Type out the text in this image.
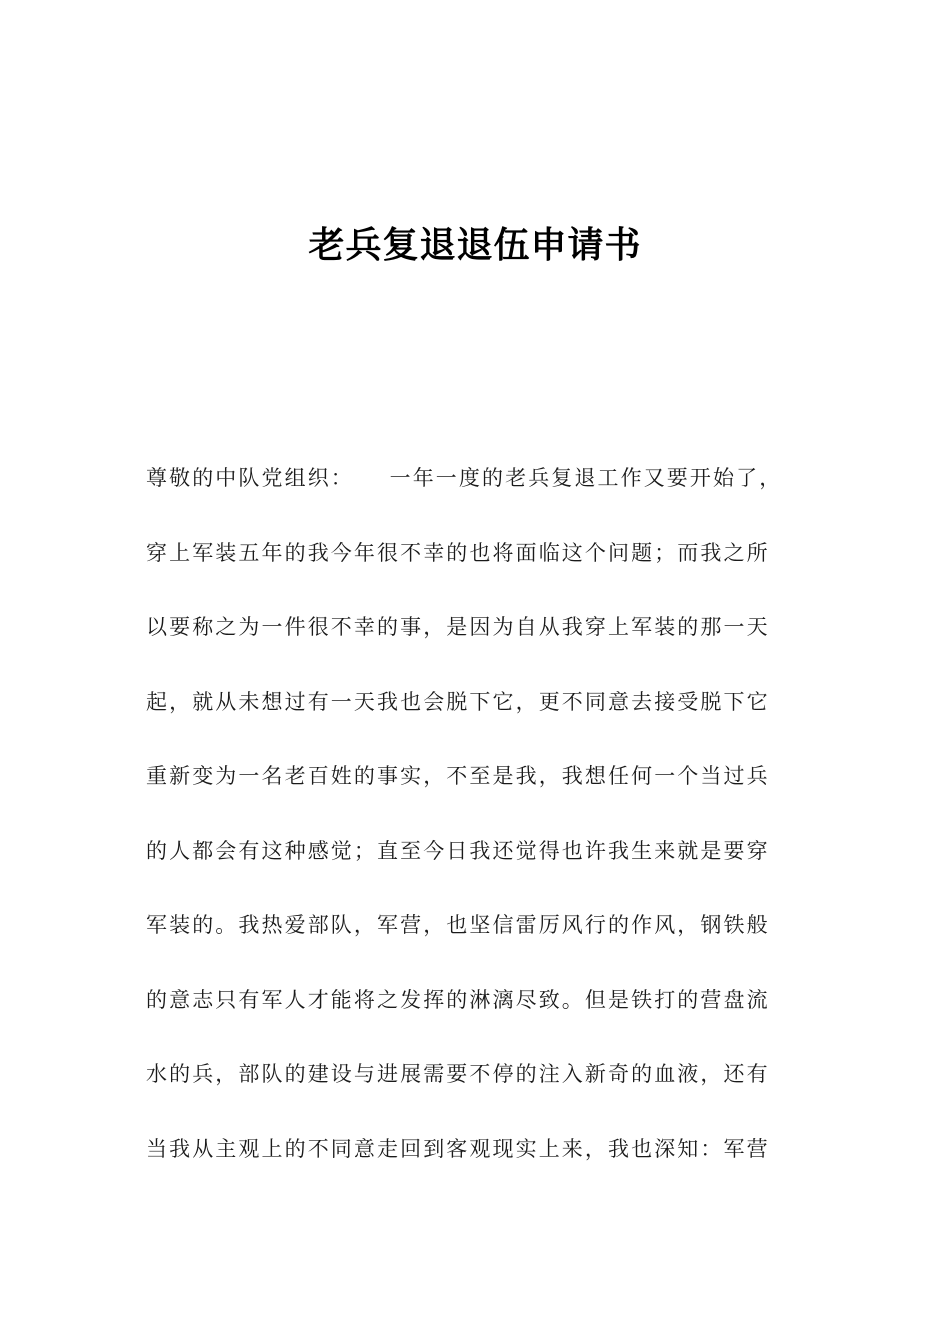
老兵复退退伍申请书
尊敬的中队党组织：　　一年一度的老兵复退工作又要开始了，
穿上军装五年的我今年很不幸的也将面临这个问题；而我之所
以要称之为一件很不幸的事，是因为自从我穿上军装的那一天
起，就从未想过有一天我也会脱下它，更不同意去接受脱下它
重新变为一名老百姓的事实，不至是我，我想任何一个当过兵
的人都会有这种感觉；直至今日我还觉得也许我生来就是要穿
军装的。我热爱部队，军营，也坚信雷厉风行的作风，钢铁般
的意志只有军人才能将之发挥的淋漓尽致。但是铁打的营盘流
水的兵，部队的建设与进展需要不停的注入新奇的血液，还有
当我从主观上的不同意走回到客观现实上来，我也深知：军营
